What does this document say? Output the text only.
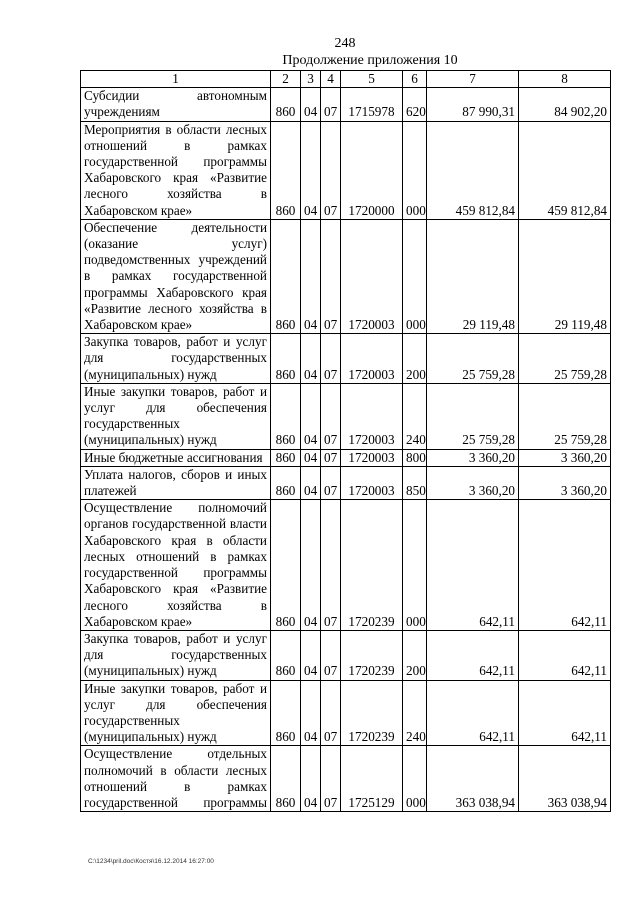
248
Продолжение приложения 10
1	2	3	4	5	6	7	8
Субсидии автономным учреждениям	860	04	07	1715978	620	87 990,31	84 902,20
Мероприятия в области лесных отношений в рамках государственной программы Хабаровского края «Развитие лесного хозяйства в Хабаровском крае»	860	04	07	1720000	000	459 812,84	459 812,84
Обеспечение деятельности (оказание услуг) подведомственных учреждений в рамках государственной программы Хабаровского края «Развитие лесного хозяйства в Хабаровском крае»	860	04	07	1720003	000	29 119,48	29 119,48
Закупка товаров, работ и услуг для государственных (муниципальных) нужд	860	04	07	1720003	200	25 759,28	25 759,28
Иные закупки товаров, работ и услуг для обеспечения государственных (муниципальных) нужд	860	04	07	1720003	240	25 759,28	25 759,28
Иные бюджетные ассигнования	860	04	07	1720003	800	3 360,20	3 360,20
Уплата налогов, сборов и иных платежей	860	04	07	1720003	850	3 360,20	3 360,20
Осуществление полномочий органов государственной власти Хабаровского края в области лесных отношений в рамках государственной программы Хабаровского края «Развитие лесного хозяйства в Хабаровском крае»	860	04	07	1720239	000	642,11	642,11
Закупка товаров, работ и услуг для государственных (муниципальных) нужд	860	04	07	1720239	200	642,11	642,11
Иные закупки товаров, работ и услуг для обеспечения государственных (муниципальных) нужд	860	04	07	1720239	240	642,11	642,11
Осуществление отдельных полномочий в области лесных отношений в рамках государственной программы	860	04	07	1725129	000	363 038,94	363 038,94
C:\1234\pril.doc\Костя\16.12.2014 16:27:00
